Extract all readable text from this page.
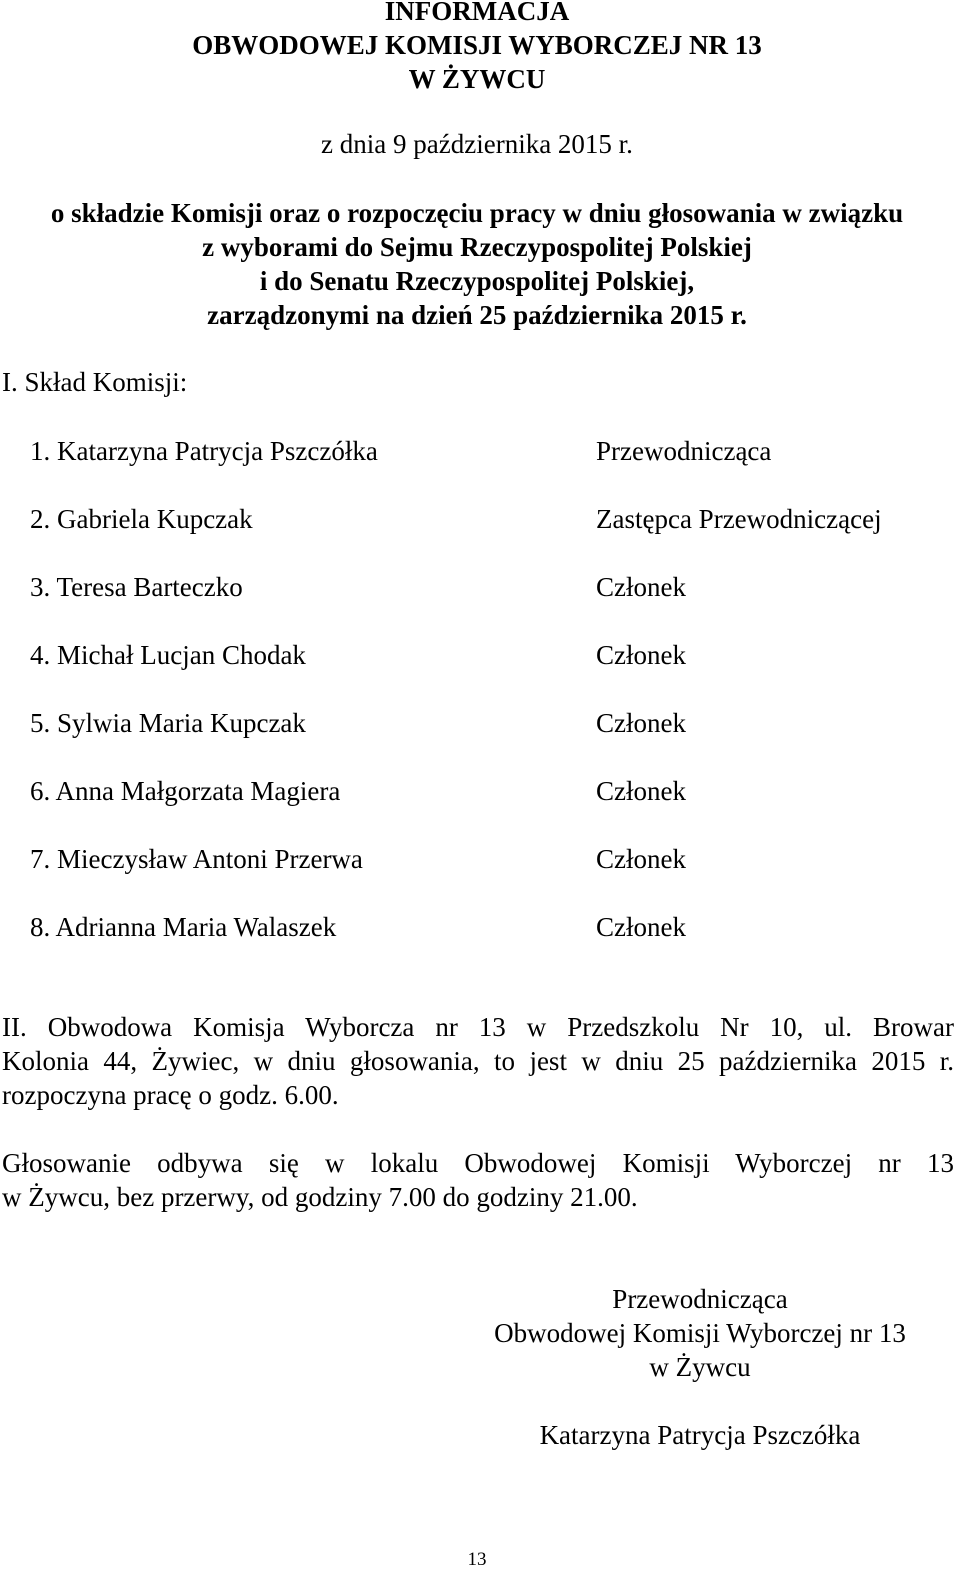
INFORMACJA
OBWODOWEJ KOMISJI WYBORCZEJ NR 13
W ŻYWCU
z dnia 9 października 2015 r.
o składzie Komisji oraz o rozpoczęciu pracy w dniu głosowania w związku
z wyborami do Sejmu Rzeczypospolitej Polskiej
i do Senatu Rzeczypospolitej Polskiej,
zarządzonymi na dzień 25 października 2015 r.
I. Skład Komisji:
1. Katarzyna Patrycja Pszczółka	Przewodnicząca
2. Gabriela Kupczak	Zastępca Przewodniczącej
3. Teresa Barteczko	Członek
4. Michał Lucjan Chodak	Członek
5. Sylwia Maria Kupczak	Członek
6. Anna Małgorzata Magiera	Członek
7. Mieczysław Antoni Przerwa	Członek
8. Adrianna Maria Walaszek	Członek
II. Obwodowa Komisja Wyborcza nr 13 w Przedszkolu Nr 10, ul. Browar
Kolonia 44, Żywiec, w dniu głosowania, to jest w dniu 25 października 2015 r.
rozpoczyna pracę o godz. 6.00.
Głosowanie odbywa się w lokalu Obwodowej Komisji Wyborczej nr 13
w Żywcu, bez przerwy, od godziny 7.00 do godziny 21.00.
Przewodnicząca
Obwodowej Komisji Wyborczej nr 13
w Żywcu
Katarzyna Patrycja Pszczółka
13
